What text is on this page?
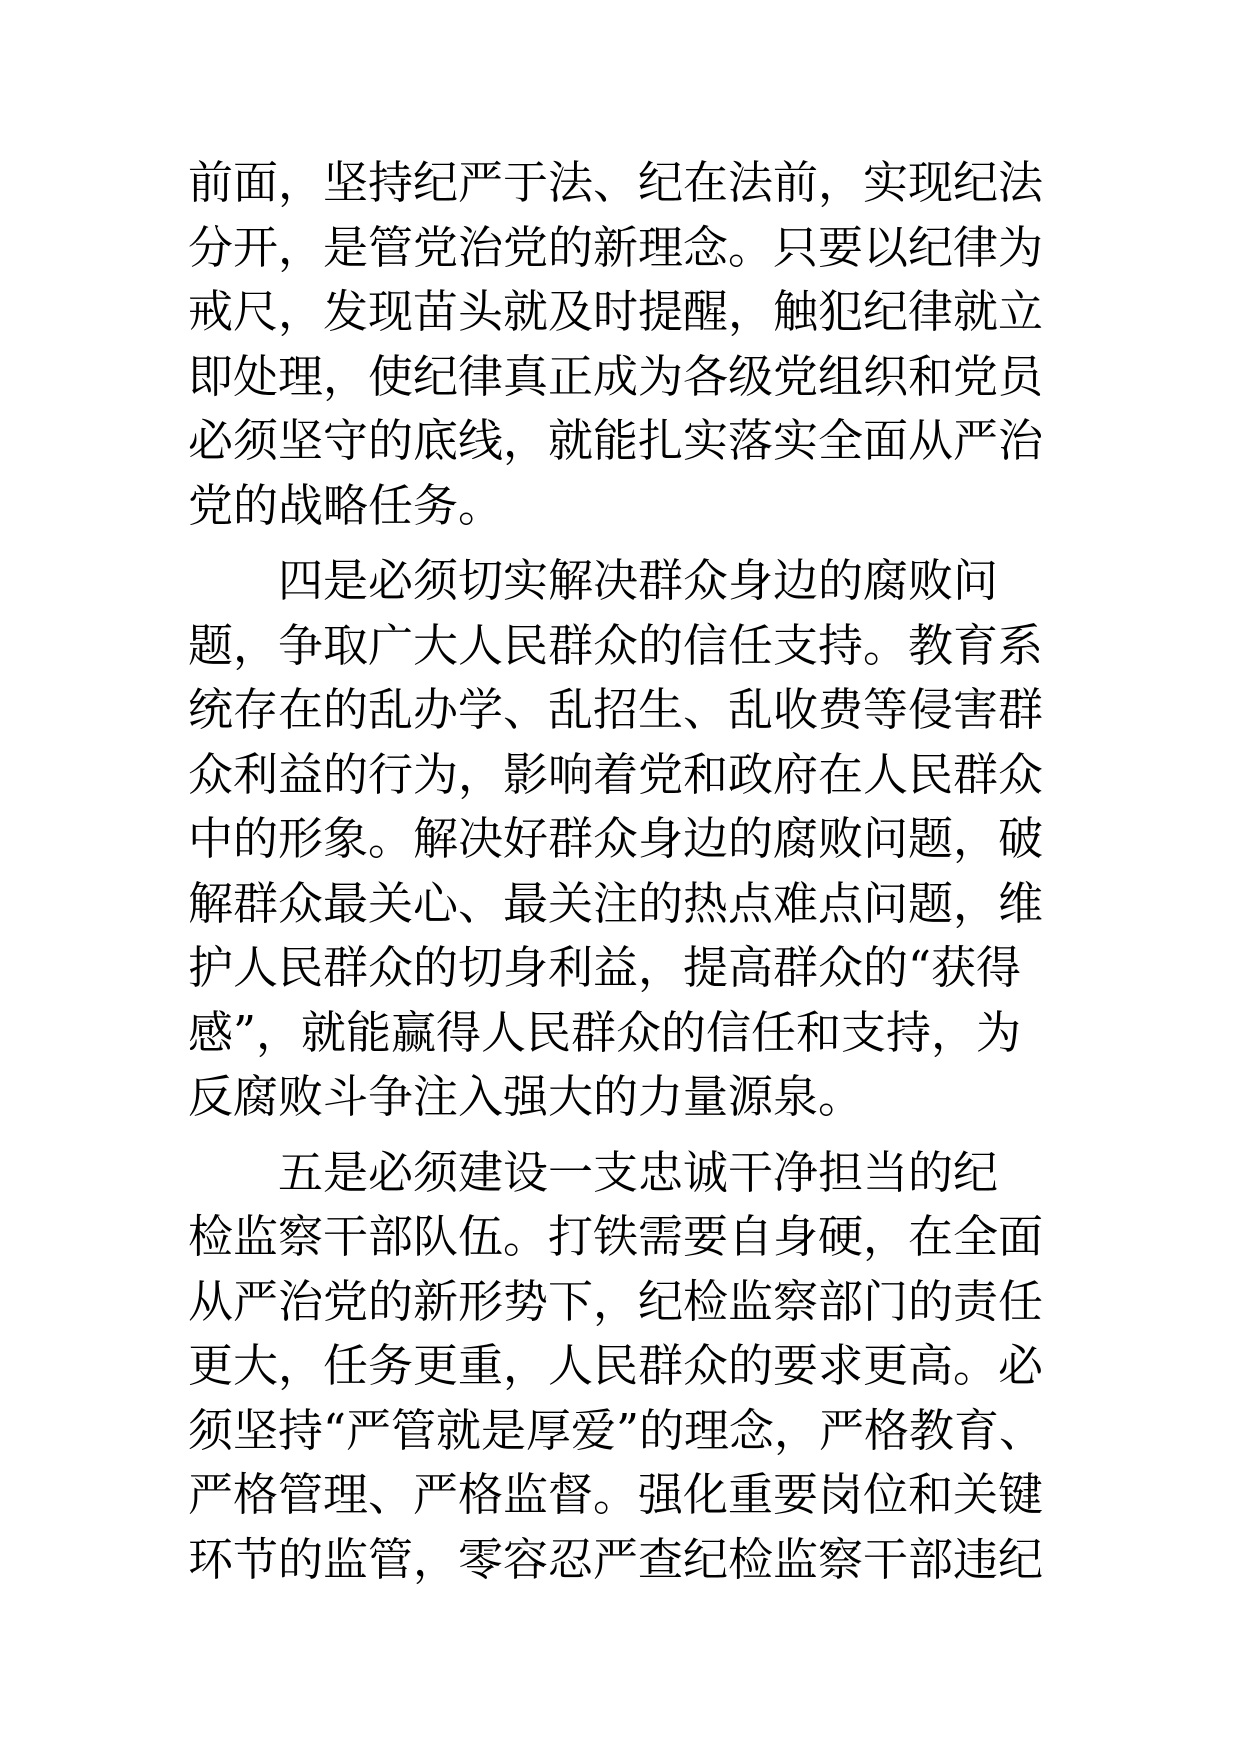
前面，坚持纪严于法、纪在法前，实现纪法
分开，是管党治党的新理念。只要以纪律为
戒尺，发现苗头就及时提醒，触犯纪律就立
即处理，使纪律真正成为各级党组织和党员
必须坚守的底线，就能扎实落实全面从严治
党的战略任务。
　　四是必须切实解决群众身边的腐败问
题，争取广大人民群众的信任支持。教育系
统存在的乱办学、乱招生、乱收费等侵害群
众利益的行为，影响着党和政府在人民群众
中的形象。解决好群众身边的腐败问题，破
解群众最关心、最关注的热点难点问题，维
护人民群众的切身利益，提高群众的“获得
感”，就能赢得人民群众的信任和支持，为
反腐败斗争注入强大的力量源泉。
　　五是必须建设一支忠诚干净担当的纪
检监察干部队伍。打铁需要自身硬，在全面
从严治党的新形势下，纪检监察部门的责任
更大，任务更重，人民群众的要求更高。必
须坚持“严管就是厚爱”的理念，严格教育、
严格管理、严格监督。强化重要岗位和关键
环节的监管，零容忍严查纪检监察干部违纪
